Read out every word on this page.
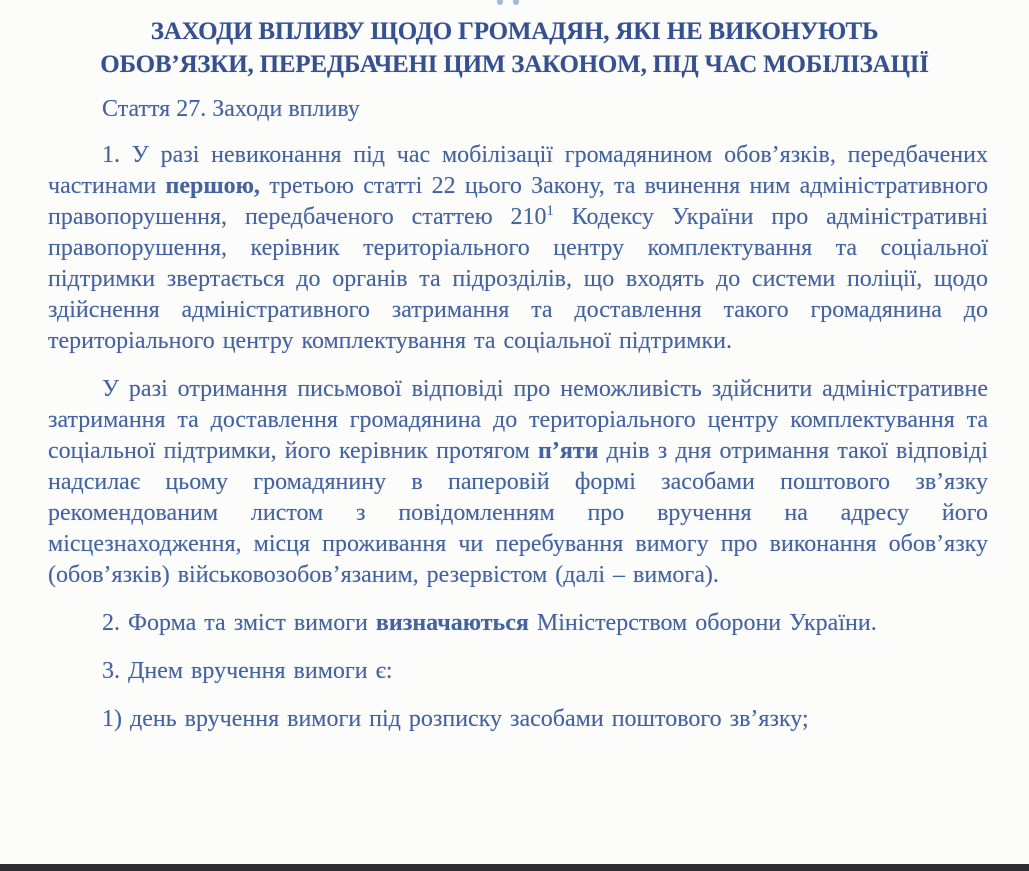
ЗАХОДИ ВПЛИВУ ЩОДО ГРОМАДЯН, ЯКІ НЕ ВИКОНУЮТЬ
ОБОВ’ЯЗКИ, ПЕРЕДБАЧЕНІ ЦИМ ЗАКОНОМ, ПІД ЧАС МОБІЛІЗАЦІЇ

Стаття 27. Заходи впливу

1. У разі невиконання під час мобілізації громадянином обов’язків, передбачених частинами першою, третьою статті 22 цього Закону, та вчинення ним адміністративного правопорушення, передбаченого статтею $210^1$ Кодексу України про адміністративні правопорушення, керівник територіального центру комплектування та соціальної підтримки звертається до органів та підрозділів, що входять до системи поліції, щодо здійснення адміністративного затримання та доставлення такого громадянина до територіального центру комплектування та соціальної підтримки.

У разі отримання письмової відповіді про неможливість здійснити адміністративне затримання та доставлення громадянина до територіального центру комплектування та соціальної підтримки, його керівник протягом п’яти днів з дня отримання такої відповіді надсилає цьому громадянину в паперовій формі засобами поштового зв’язку рекомендованим листом з повідомленням про вручення на адресу його місцезнаходження, місця проживання чи перебування вимогу про виконання обов’язку (обов’язків) військовозобов’язаним, резервістом (далі – вимога).

2. Форма та зміст вимоги визначаються Міністерством оборони України.

3. Днем вручення вимоги є:

1) день вручення вимоги під розписку засобами поштового зв’язку;
